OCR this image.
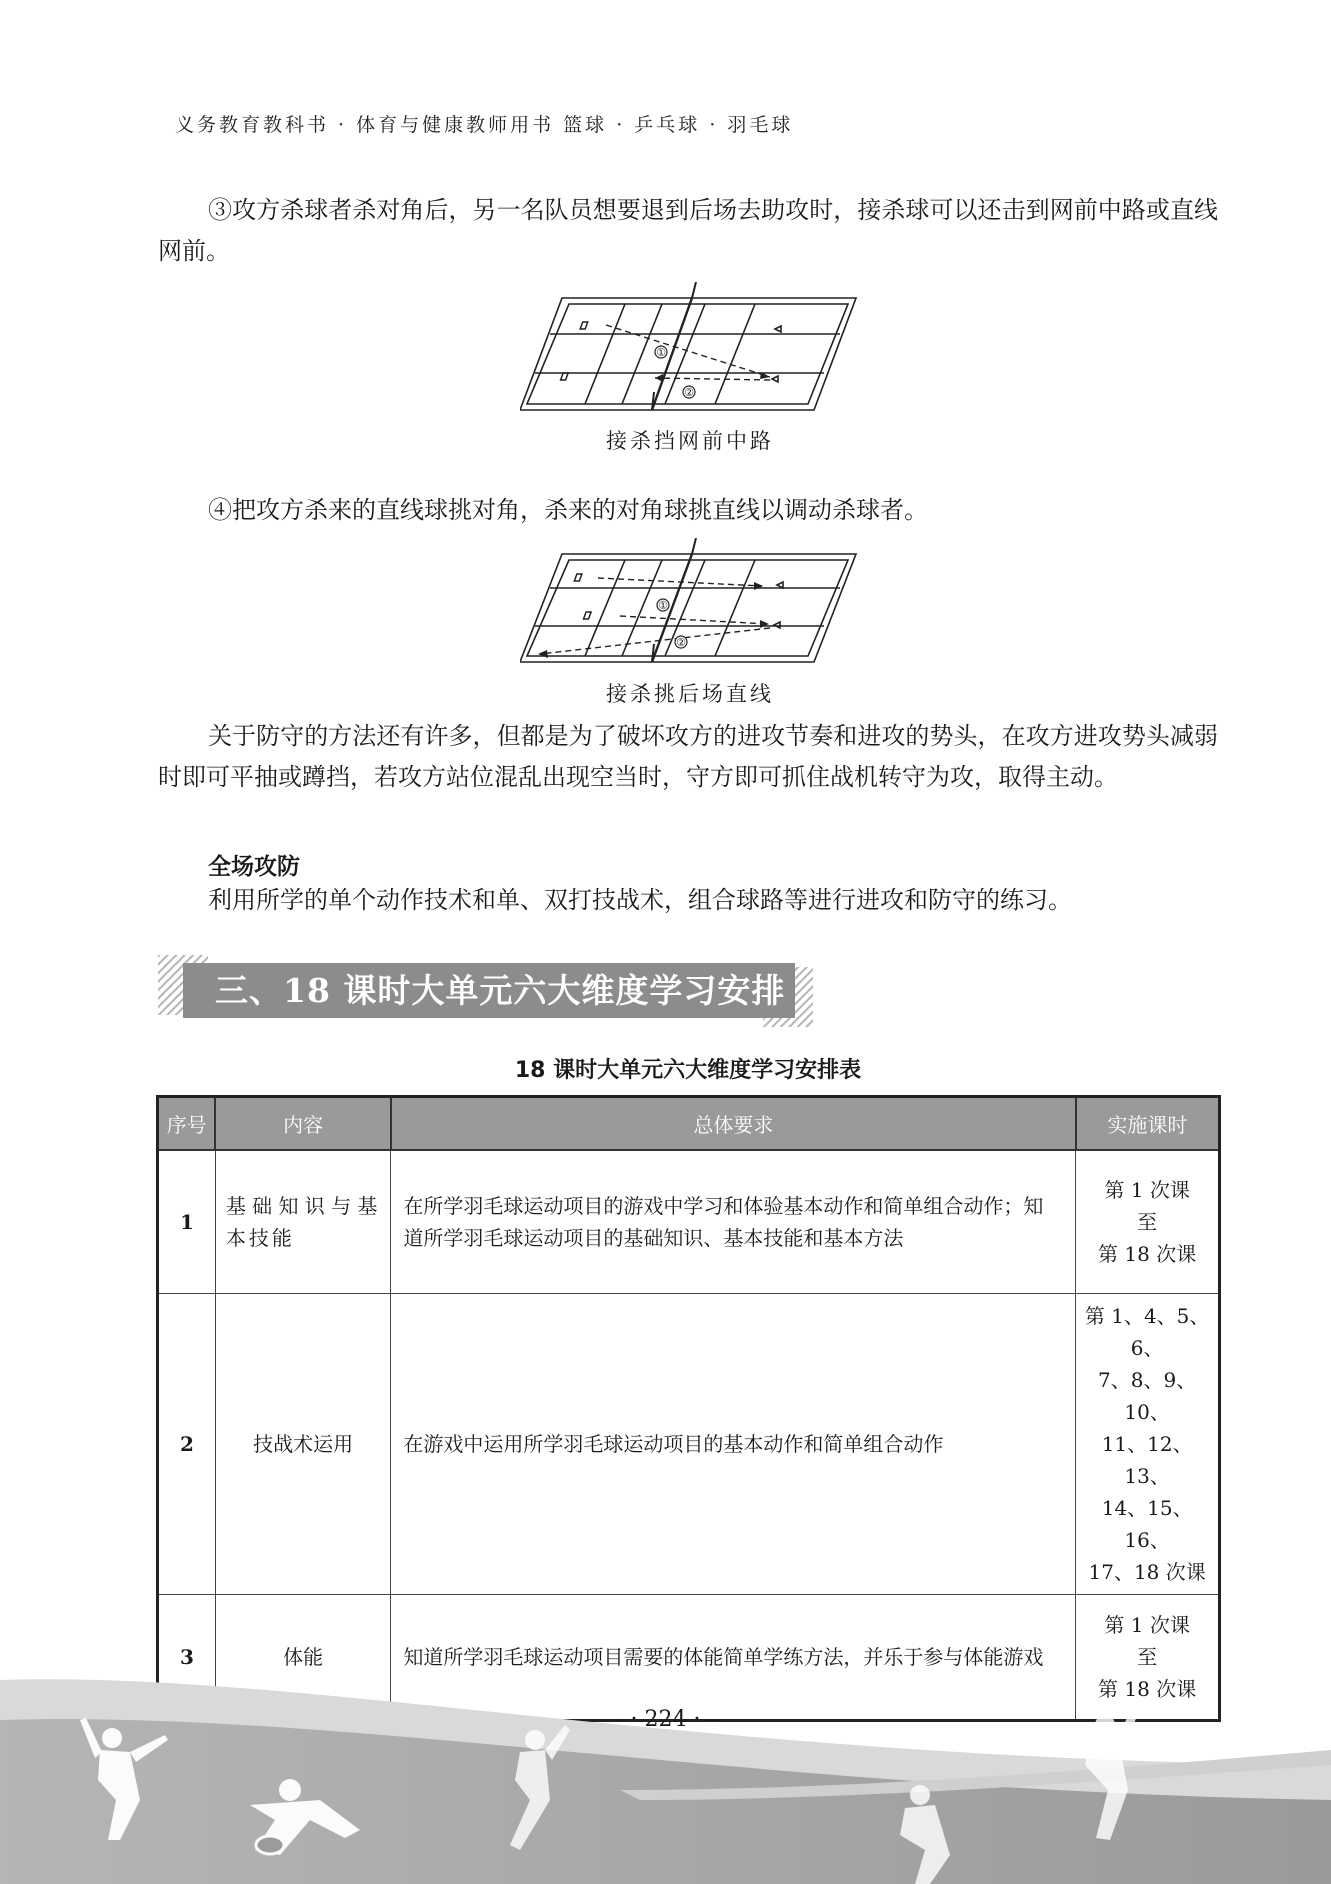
义务教育教科书 · 体育与健康教师用书 篮球 · 乒乓球 · 羽毛球

③攻方杀球者杀对角后，另一名队员想要退到后场去助攻时，接杀球可以还击到网前中路或直线网前。

①
②
接杀挡网前中路

④把攻方杀来的直线球挑对角，杀来的对角球挑直线以调动杀球者。

①
②
接杀挑后场直线

关于防守的方法还有许多，但都是为了破坏攻方的进攻节奏和进攻的势头，在攻方进攻势头减弱时即可平抽或蹲挡，若攻方站位混乱出现空当时，守方即可抓住战机转守为攻，取得主动。

全场攻防

利用所学的单个动作技术和单、双打技战术，组合球路等进行进攻和防守的练习。

三、18 课时大单元六大维度学习安排
18 课时大单元六大维度学习安排表
序号	内容	总体要求	实施课时
1	基础知识与基本技能	在所学羽毛球运动项目的游戏中学习和体验基本动作和简单组合动作；知道所学羽毛球运动项目的基础知识、基本技能和基本方法	第 1 次课
至
第 18 次课

2	技战术运用	在游戏中运用所学羽毛球运动项目的基本动作和简单组合动作	第 1、4、5、6、
7、8、9、10、
11、12、13、
14、15、16、
17、18 次课

3	体能	知道所学羽毛球运动项目需要的体能简单学练方法，并乐于参与体能游戏	第 1 次课
至
第 18 次课
– · 224 · –
